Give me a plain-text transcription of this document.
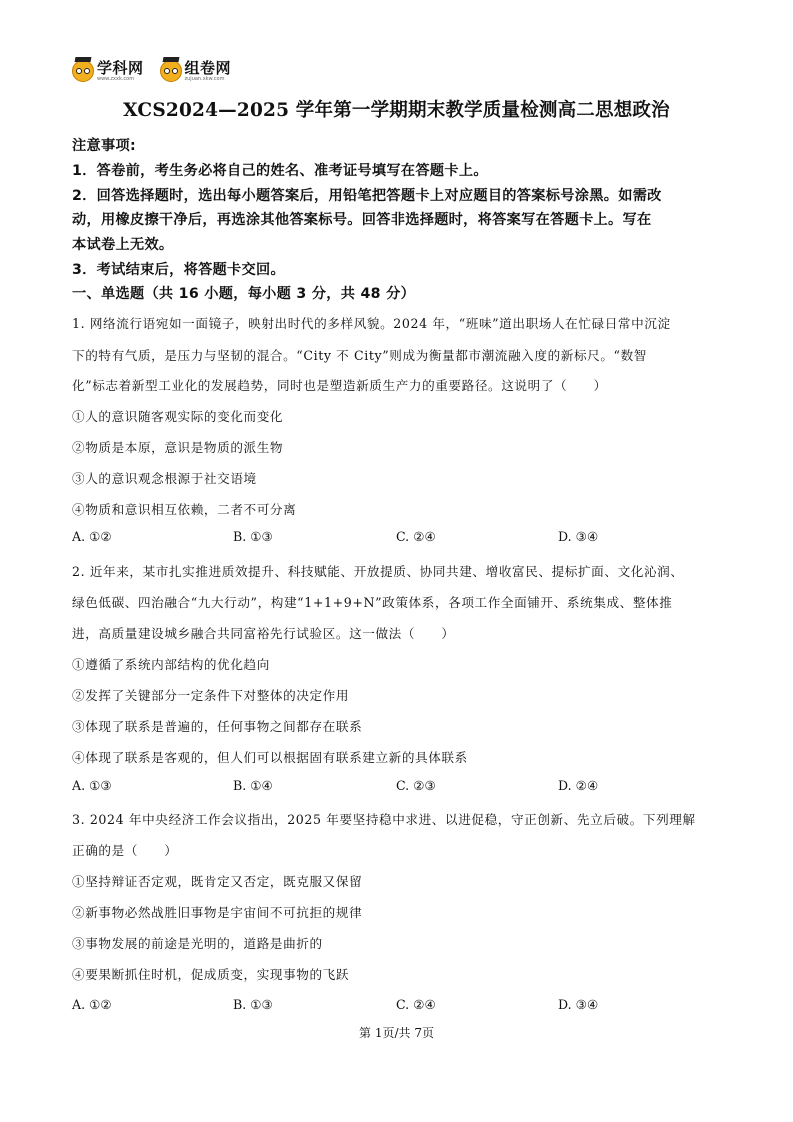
学科网
www.zxxk.com
组卷网
zujuan.xkw.com
XCS2024—2025 学年第一学期期末教学质量检测高二思想政治
注意事项:
1．答卷前，考生务必将自己的姓名、准考证号填写在答题卡上。
2．回答选择题时，选出每小题答案后，用铅笔把答题卡上对应题目的答案标号涂黑。如需改
动，用橡皮擦干净后，再选涂其他答案标号。回答非选择题时，将答案写在答题卡上。写在
本试卷上无效。
3．考试结束后，将答题卡交回。
一、单选题（共 16 小题，每小题 3 分，共 48 分）
1. 网络流行语宛如一面镜子，映射出时代的多样风貌。2024 年，“班味”道出职场人在忙碌日常中沉淀
下的特有气质，是压力与坚韧的混合。“City 不 City”则成为衡量都市潮流融入度的新标尺。“数智
化”标志着新型工业化的发展趋势，同时也是塑造新质生产力的重要路径。这说明了（　　）
①人的意识随客观实际的变化而变化
②物质是本原，意识是物质的派生物
③人的意识观念根源于社交语境
④物质和意识相互依赖，二者不可分离
A. ①②	B. ①③	C. ②④	D. ③④
2. 近年来，某市扎实推进质效提升、科技赋能、开放提质、协同共建、增收富民、提标扩面、文化沁润、
绿色低碳、四治融合“九大行动”，构建“1+1+9+N”政策体系，各项工作全面铺开、系统集成、整体推
进，高质量建设城乡融合共同富裕先行试验区。这一做法（　　）
①遵循了系统内部结构的优化趋向
②发挥了关键部分一定条件下对整体的决定作用
③体现了联系是普遍的，任何事物之间都存在联系
④体现了联系是客观的，但人们可以根据固有联系建立新的具体联系
A. ①③	B. ①④	C. ②③	D. ②④
3. 2024 年中央经济工作会议指出，2025 年要坚持稳中求进、以进促稳，守正创新、先立后破。下列理解
正确的是（　　）
①坚持辩证否定观，既肯定又否定，既克服又保留
②新事物必然战胜旧事物是宇宙间不可抗拒的规律
③事物发展的前途是光明的，道路是曲折的
④要果断抓住时机，促成质变，实现事物的飞跃
A. ①②	B. ①③	C. ②④	D. ③④
第 1页/共 7页
